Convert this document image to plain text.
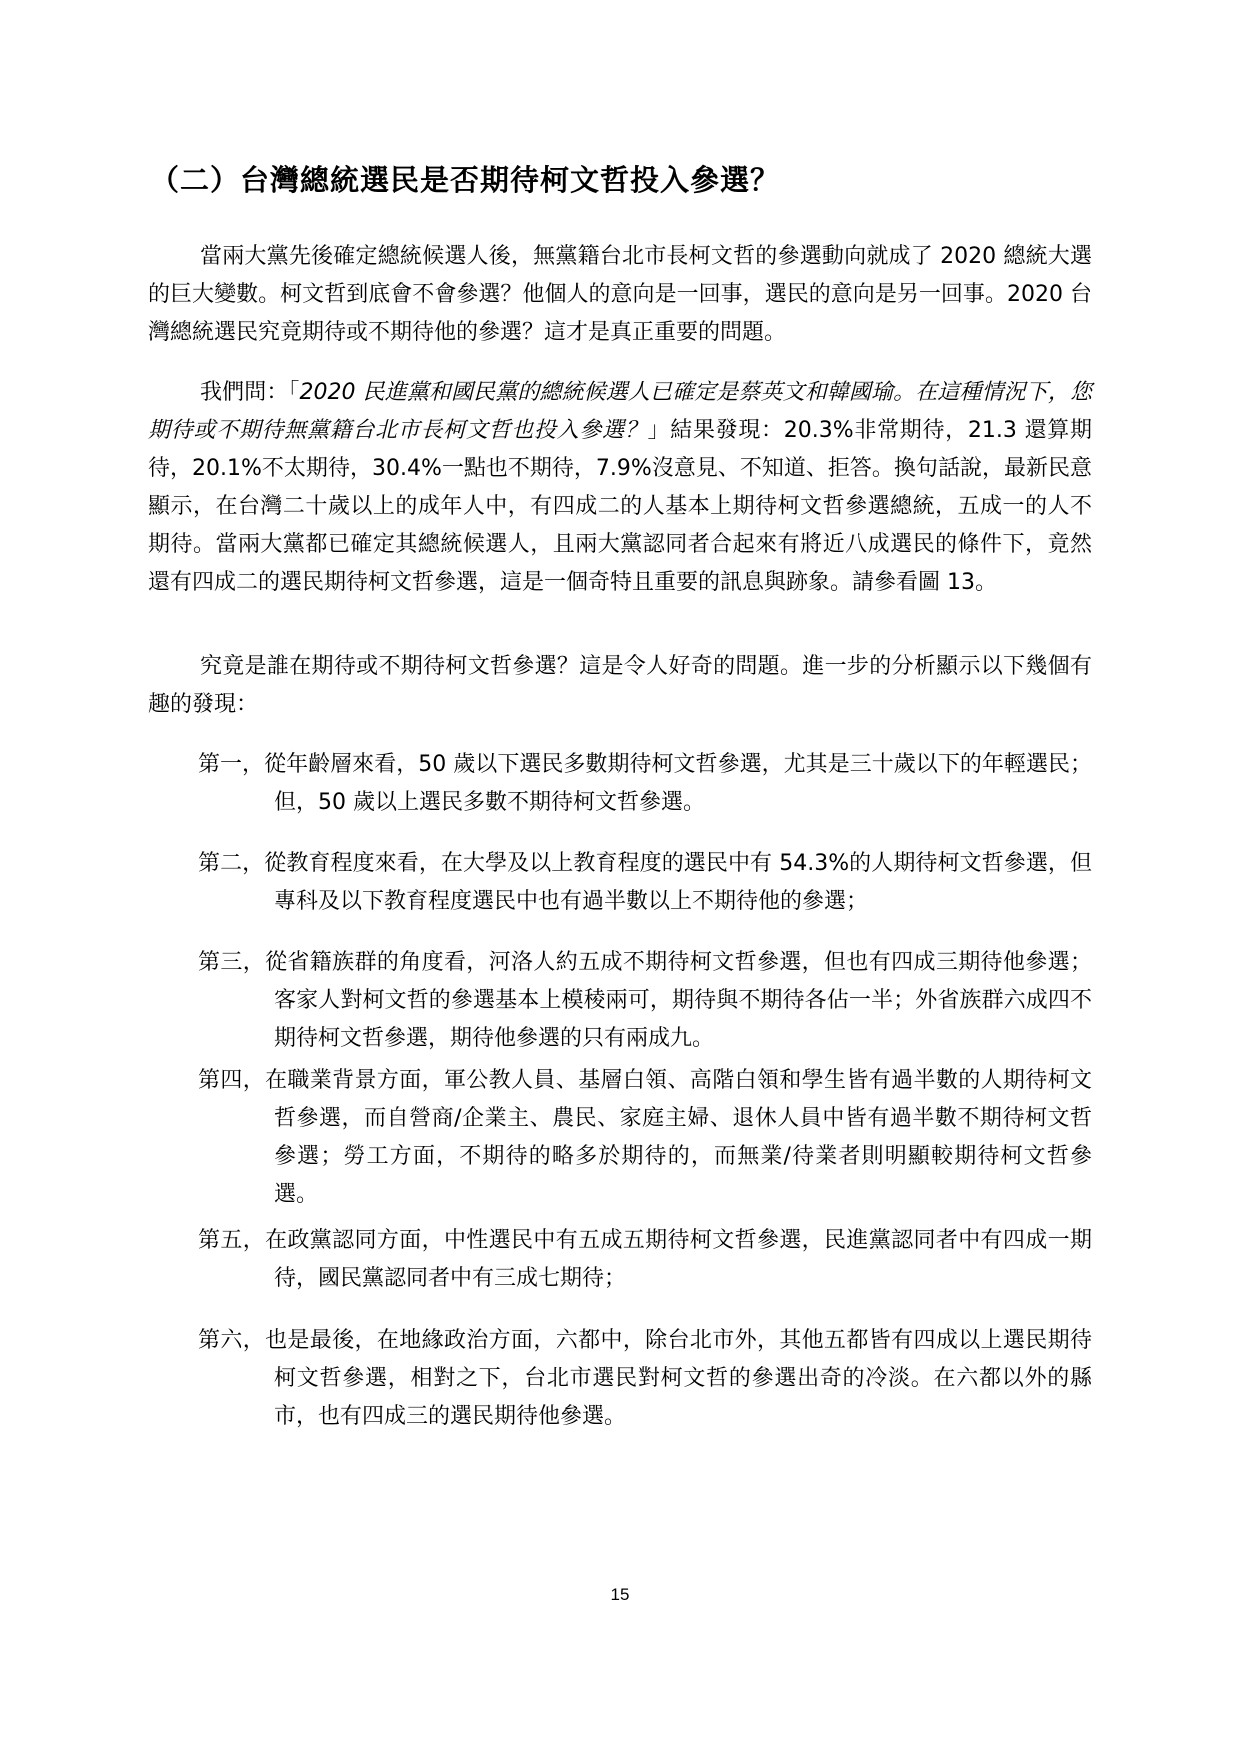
（二）台灣總統選民是否期待柯文哲投入參選？

當兩大黨先後確定總統候選人後，無黨籍台北市長柯文哲的參選動向就成了 2020 總統大選的巨大變數。柯文哲到底會不會參選？他個人的意向是一回事，選民的意向是另一回事。2020 台灣總統選民究竟期待或不期待他的參選？這才是真正重要的問題。

我們問：「2020 民進黨和國民黨的總統候選人已確定是蔡英文和韓國瑜。在這種情況下，您期待或不期待無黨籍台北市長柯文哲也投入參選？」結果發現：20.3%非常期待，21.3 還算期待，20.1%不太期待，30.4%一點也不期待，7.9%沒意見、不知道、拒答。換句話說，最新民意顯示，在台灣二十歲以上的成年人中，有四成二的人基本上期待柯文哲參選總統，五成一的人不期待。當兩大黨都已確定其總統候選人，且兩大黨認同者合起來有將近八成選民的條件下，竟然還有四成二的選民期待柯文哲參選，這是一個奇特且重要的訊息與跡象。請參看圖 13。

究竟是誰在期待或不期待柯文哲參選？這是令人好奇的問題。進一步的分析顯示以下幾個有趣的發現：

第一，從年齡層來看，50 歲以下選民多數期待柯文哲參選，尤其是三十歲以下的年輕選民；但，50 歲以上選民多數不期待柯文哲參選。
第二，從教育程度來看，在大學及以上教育程度的選民中有 54.3%的人期待柯文哲參選，但專科及以下教育程度選民中也有過半數以上不期待他的參選；
第三，從省籍族群的角度看，河洛人約五成不期待柯文哲參選，但也有四成三期待他參選；客家人對柯文哲的參選基本上模稜兩可，期待與不期待各佔一半；外省族群六成四不期待柯文哲參選，期待他參選的只有兩成九。
第四，在職業背景方面，軍公教人員、基層白領、高階白領和學生皆有過半數的人期待柯文哲參選，而自營商/企業主、農民、家庭主婦、退休人員中皆有過半數不期待柯文哲參選；勞工方面，不期待的略多於期待的，而無業/待業者則明顯較期待柯文哲參選。
第五，在政黨認同方面，中性選民中有五成五期待柯文哲參選，民進黨認同者中有四成一期待，國民黨認同者中有三成七期待；
第六，也是最後，在地緣政治方面，六都中，除台北市外，其他五都皆有四成以上選民期待柯文哲參選，相對之下，台北市選民對柯文哲的參選出奇的冷淡。在六都以外的縣市，也有四成三的選民期待他參選。
15
